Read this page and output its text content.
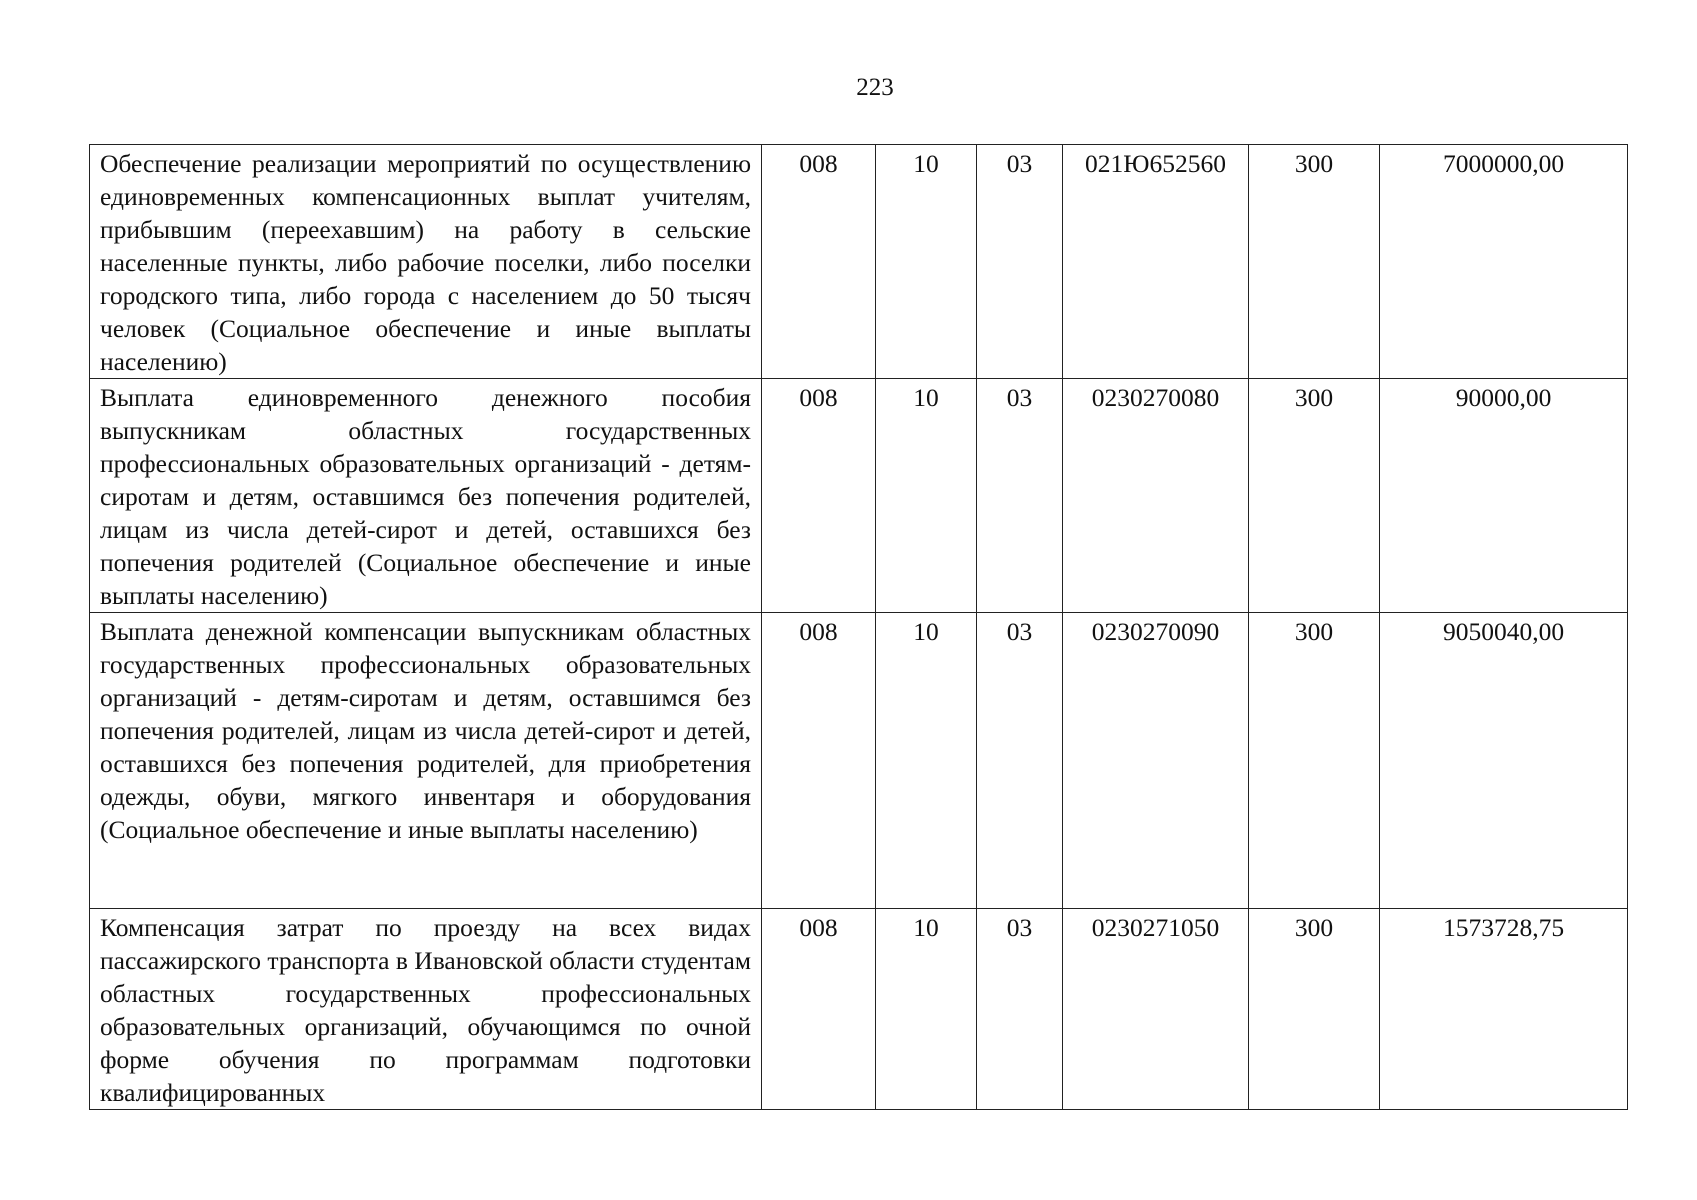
223
Обеспечение реализации мероприятий по осуществлению единовременных компенсационных выплат учителям, прибывшим (переехавшим) на работу в сельские населенные пункты, либо рабочие поселки, либо поселки городского типа, либо города с населением до 50 тысяч человек (Социальное обеспечение и иные выплаты населению)	008	10	03	021Ю652560	300	7000000,00
Выплата единовременного денежного пособия выпускникам областных государственных профессиональных образовательных организаций - детям-сиротам и детям, оставшимся без попечения родителей, лицам из числа детей-сирот и детей, оставшихся без попечения родителей (Социальное обеспечение и иные выплаты населению)	008	10	03	0230270080	300	90000,00
Выплата денежной компенсации выпускникам областных государственных профессиональных образовательных организаций - детям-сиротам и детям, оставшимся без попечения родителей, лицам из числа детей-сирот и детей, оставшихся без попечения родителей, для приобретения одежды, обуви, мягкого инвентаря и оборудования (Социальное обеспечение и иные выплаты населению)	008	10	03	0230270090	300	9050040,00
Компенсация затрат по проезду на всех видах пассажирского транспорта в Ивановской области студентам областных государственных профессиональных образовательных организаций, обучающимся по очной форме обучения по программам подготовки квалифицированных	008	10	03	0230271050	300	1573728,75
